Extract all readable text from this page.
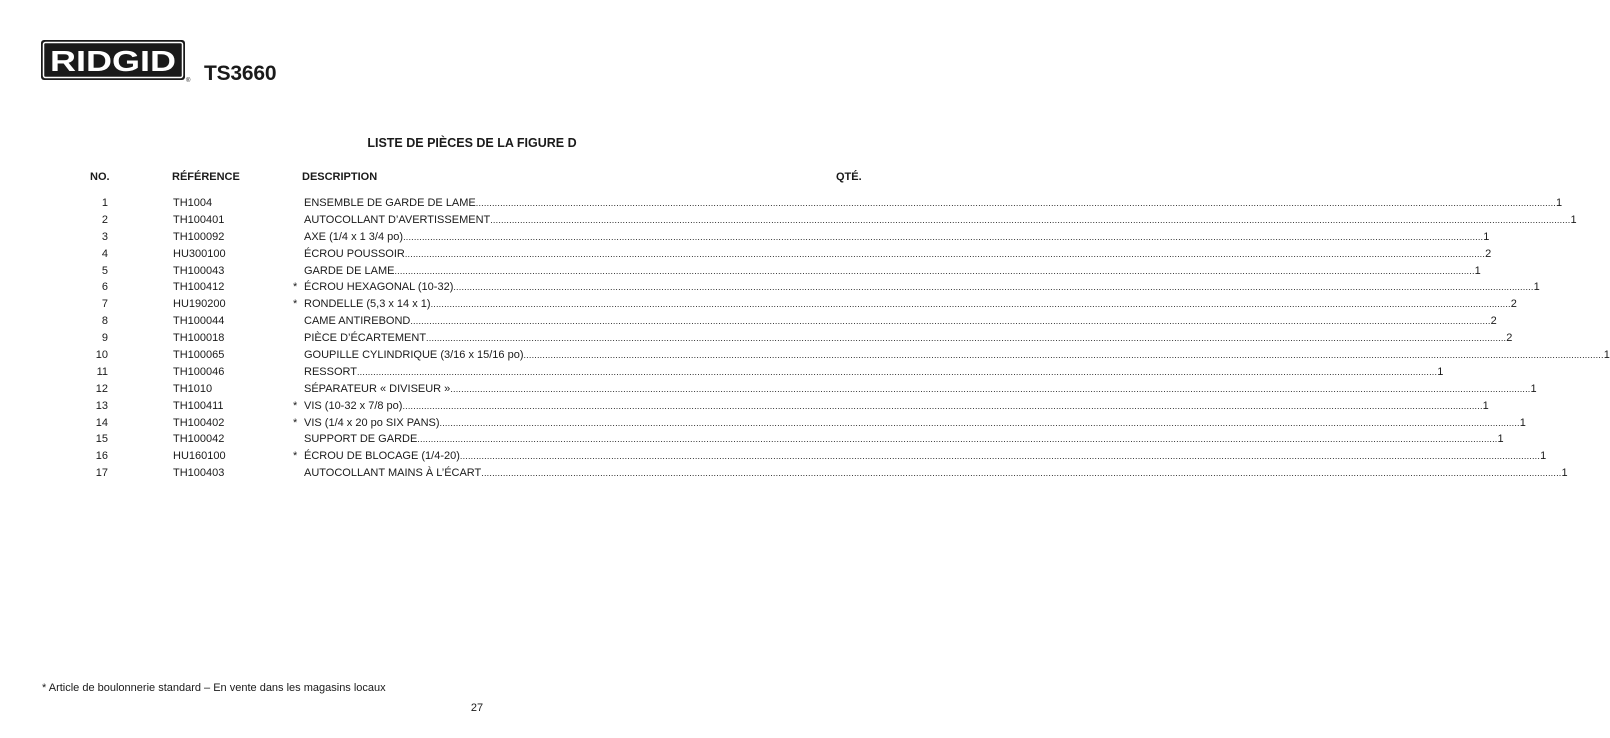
RIDGID
® TS3660
LISTE DE PIÈCES DE LA FIGURE D
NO.	RÉFÉRENCE	DESCRIPTION	QTÉ.
1	TH1004	ENSEMBLE DE GARDE DE LAME ................................................................................................................................................................................................................................................................................................................................................................................................................ 1
2	TH100401	AUTOCOLLANT D’AVERTISSEMENT ................................................................................................................................................................................................................................................................................................................................................................................................................ 1
3	TH100092	AXE (1/4 x 1 3/4 po) ................................................................................................................................................................................................................................................................................................................................................................................................................ 1
4	HU300100	ÉCROU POUSSOIR ................................................................................................................................................................................................................................................................................................................................................................................................................ 2
5	TH100043	GARDE DE LAME ................................................................................................................................................................................................................................................................................................................................................................................................................ 1
6	TH100412	* ÉCROU HEXAGONAL (10-32) ................................................................................................................................................................................................................................................................................................................................................................................................................ 1
7	HU190200	* RONDELLE (5,3 x 14 x 1) ................................................................................................................................................................................................................................................................................................................................................................................................................ 2
8	TH100044	CAME ANTIREBOND ................................................................................................................................................................................................................................................................................................................................................................................................................ 2
9	TH100018	PIÈCE D’ÉCARTEMENT ................................................................................................................................................................................................................................................................................................................................................................................................................ 2
10	TH100065	GOUPILLE CYLINDRIQUE (3/16 x 15/16 po) ................................................................................................................................................................................................................................................................................................................................................................................................................ 1
11	TH100046	RESSORT ................................................................................................................................................................................................................................................................................................................................................................................................................ 1
12	TH1010	SÉPARATEUR « DIVISEUR » ................................................................................................................................................................................................................................................................................................................................................................................................................ 1
13	TH100411	* VIS (10-32 x 7/8 po) ................................................................................................................................................................................................................................................................................................................................................................................................................ 1
14	TH100402	* VIS (1/4 x 20 po SIX PANS) ................................................................................................................................................................................................................................................................................................................................................................................................................ 1
15	TH100042	SUPPORT DE GARDE ................................................................................................................................................................................................................................................................................................................................................................................................................ 1
16	HU160100	* ÉCROU DE BLOCAGE (1/4-20) ................................................................................................................................................................................................................................................................................................................................................................................................................ 1
17	TH100403	AUTOCOLLANT MAINS À L’ÉCART ................................................................................................................................................................................................................................................................................................................................................................................................................ 1
* Article de boulonnerie standard – En vente dans les magasins locaux
27
